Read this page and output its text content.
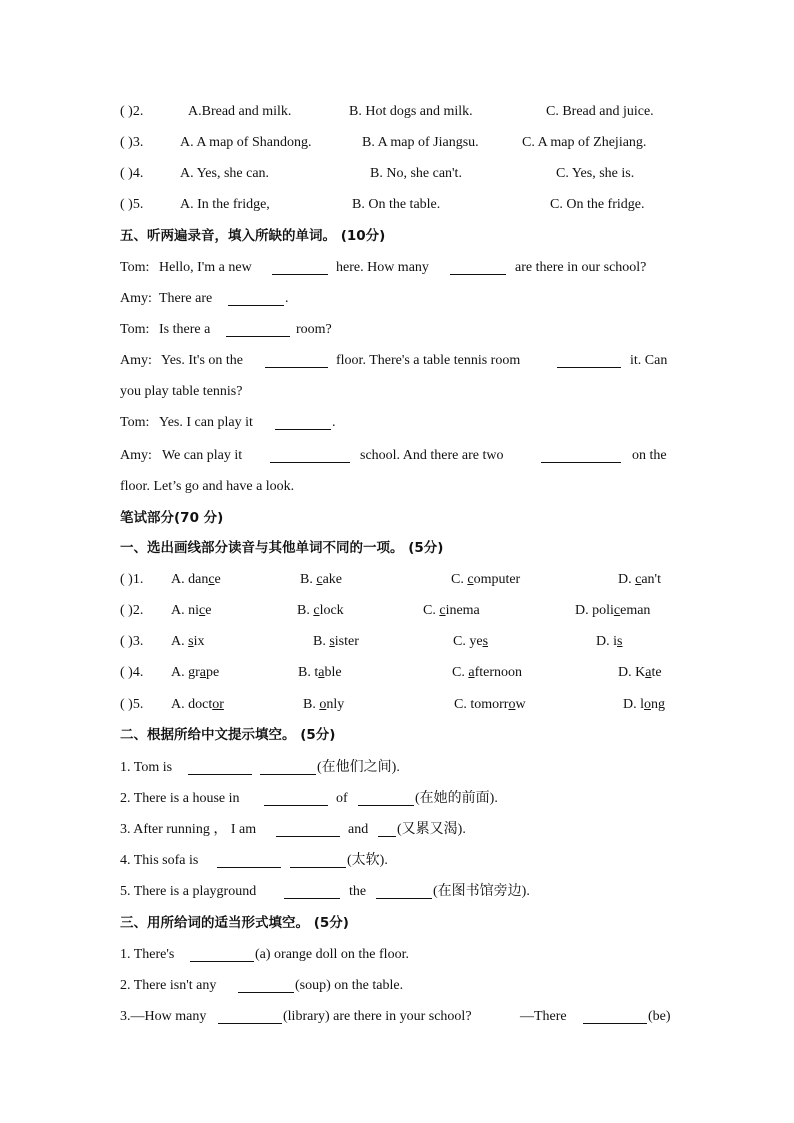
( )2.	A.Bread and milk.	B. Hot dogs and milk.	C. Bread and juice.
( )3.	A. A map of Shandong.	B. A map of Jiangsu.	C. A map of Zhejiang.
( )4.	A. Yes, she can.	B. No, she can't.	C. Yes, she is.
( )5.	A. In the fridge,	B. On the table.	C. On the fridge.
五、听两遍录音，填入所缺的单词。 (10分)
Tom: Hello, I'm a new	here. How many	are there in our school?
Amy: There are	.
Tom: Is there a	room?
Amy: Yes. It's on the	floor. There's a table tennis room	it. Can
you play table tennis?
Tom: Yes. I can play it	.
Amy: We can play it	school. And there are two	on the
floor. Let’s go and have a look.
笔试部分(70 分)
一、选出画线部分读音与其他单词不同的一项。 (5分)
( )1. A. dance	B. cake	C. computer	D. can't
( )2. A. nice	B. clock	C. cinema	D. policeman
( )3. A. six	B. sister	C. yes	D. is
( )4. A. grape	B. table	C. afternoon	D. Kate
( )5. A. doctor	B. only	C. tomorrow	D. long
二、根据所给中文提示填空。 (5分)
1. Tom is	(在他们之间).
2. There is a house in	of	(在她的前面).
3. After running ， I am	and (又累又渴).
4. This sofa is	(太软).
5. There is a playground	the	(在图书馆旁边).
三、用所给词的适当形式填空。 (5分)
1. There's	(a) orange doll on the floor.
2. There isn't any	(soup) on the table.
3.—How many	(library) are there in your school?	—There	(be)
